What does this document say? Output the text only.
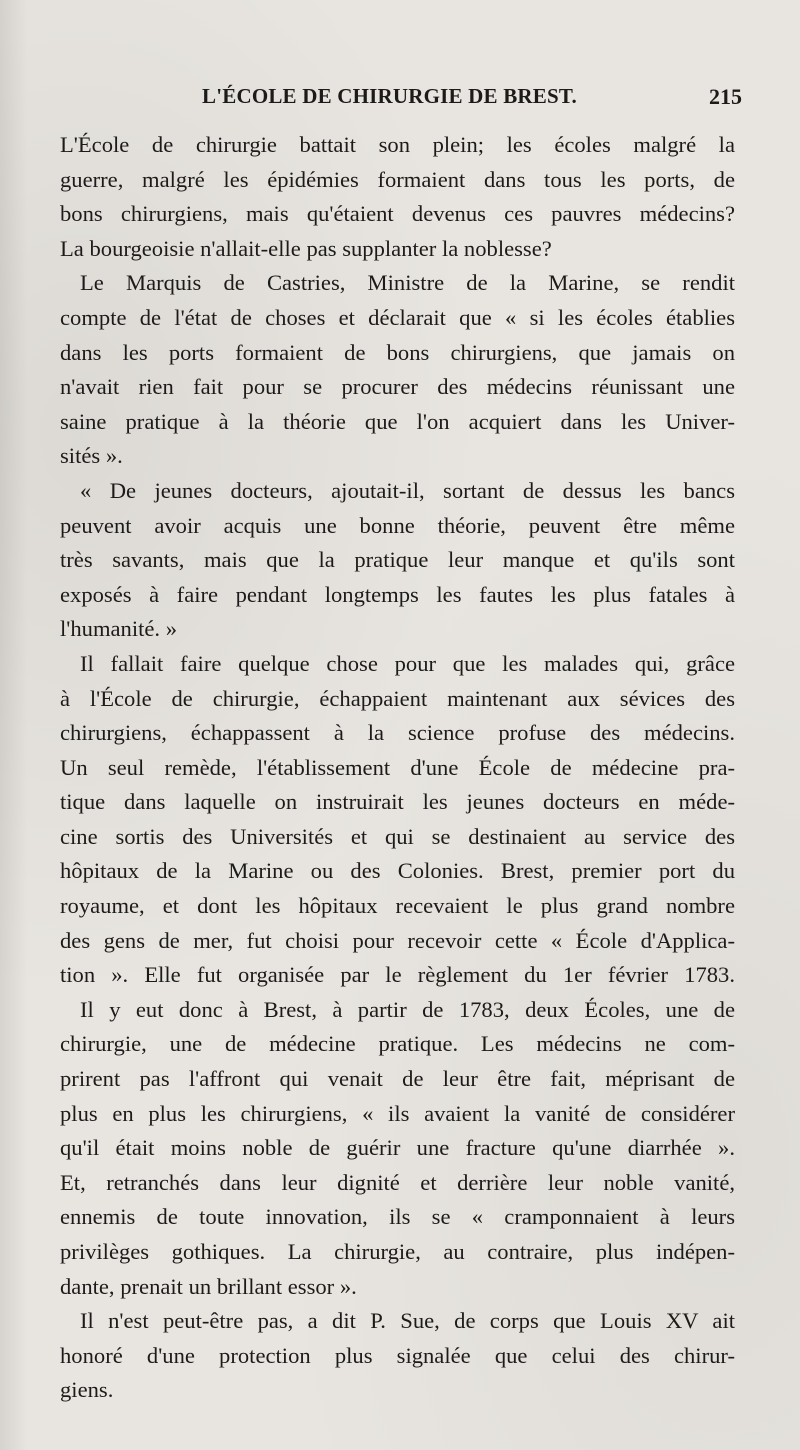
L'ÉCOLE DE CHIRURGIE DE BREST.	215
L'École de chirurgie battait son plein; les écoles malgré la
guerre, malgré les épidémies formaient dans tous les ports, de
bons chirurgiens, mais qu'étaient devenus ces pauvres médecins?
La bourgeoisie n'allait-elle pas supplanter la noblesse?
Le Marquis de Castries, Ministre de la Marine, se rendit
compte de l'état de choses et déclarait que « si les écoles établies
dans les ports formaient de bons chirurgiens, que jamais on
n'avait rien fait pour se procurer des médecins réunissant une
saine pratique à la théorie que l'on acquiert dans les Univer-
sités ».
« De jeunes docteurs, ajoutait-il, sortant de dessus les bancs
peuvent avoir acquis une bonne théorie, peuvent être même
très savants, mais que la pratique leur manque et qu'ils sont
exposés à faire pendant longtemps les fautes les plus fatales à
l'humanité. »
Il fallait faire quelque chose pour que les malades qui, grâce
à l'École de chirurgie, échappaient maintenant aux sévices des
chirurgiens, échappassent à la science profuse des médecins.
Un seul remède, l'établissement d'une École de médecine pra-
tique dans laquelle on instruirait les jeunes docteurs en méde-
cine sortis des Universités et qui se destinaient au service des
hôpitaux de la Marine ou des Colonies. Brest, premier port du
royaume, et dont les hôpitaux recevaient le plus grand nombre
des gens de mer, fut choisi pour recevoir cette « École d'Applica-
tion ». Elle fut organisée par le règlement du 1er février 1783.
Il y eut donc à Brest, à partir de 1783, deux Écoles, une de
chirurgie, une de médecine pratique. Les médecins ne com-
prirent pas l'affront qui venait de leur être fait, méprisant de
plus en plus les chirurgiens, « ils avaient la vanité de considérer
qu'il était moins noble de guérir une fracture qu'une diarrhée ».
Et, retranchés dans leur dignité et derrière leur noble vanité,
ennemis de toute innovation, ils se « cramponnaient à leurs
privilèges gothiques. La chirurgie, au contraire, plus indépen-
dante, prenait un brillant essor ».
Il n'est peut-être pas, a dit P. Sue, de corps que Louis XV ait
honoré d'une protection plus signalée que celui des chirur-
giens.
